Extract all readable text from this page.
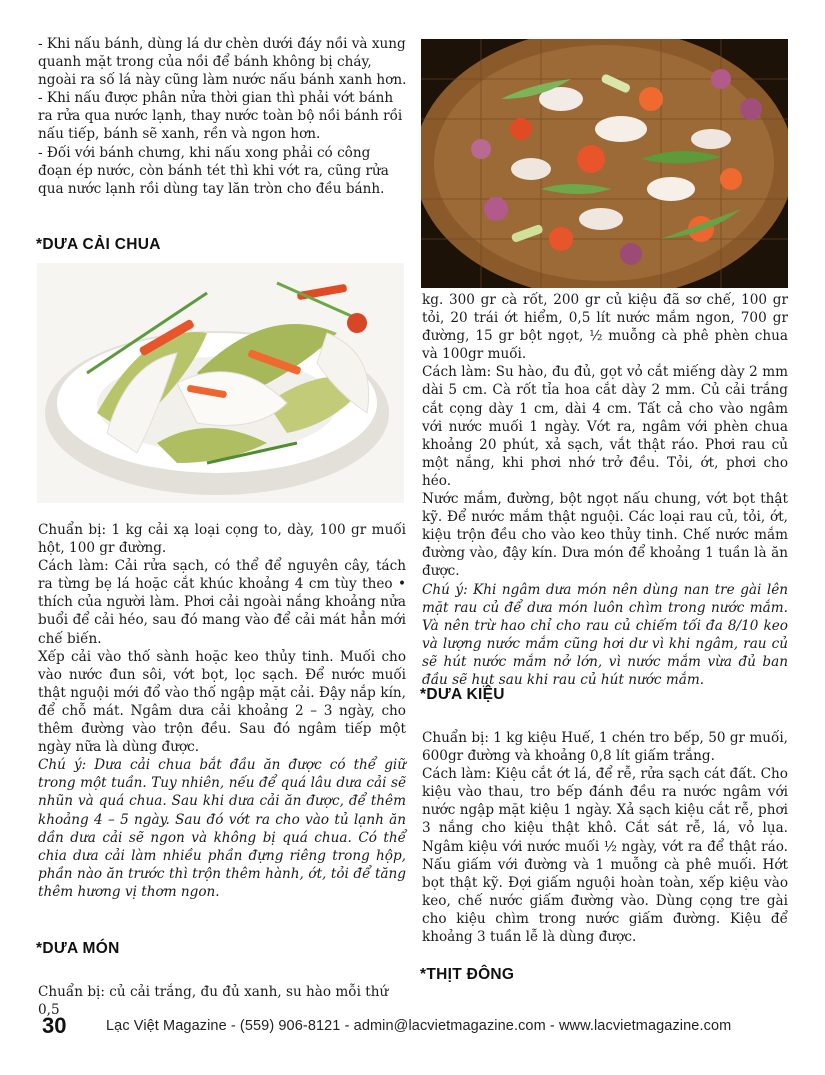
- Khi nấu bánh, dùng lá dư chèn dưới đáy nồi và xung quanh mặt trong của nồi để bánh không bị cháy, ngoài ra số lá này cũng làm nước nấu bánh xanh hơn.

- Khi nấu được phân nửa thời gian thì phải vớt bánh ra rửa qua nước lạnh, thay nước toàn bộ nồi bánh rồi nấu tiếp, bánh sẽ xanh, rền và ngon hơn.

- Đối với bánh chưng, khi nấu xong phải có công đoạn ép nước, còn bánh tét thì khi vớt ra, cũng rửa qua nước lạnh rồi dùng tay lăn tròn cho đều bánh.

*DƯA CẢI CHUA

Chuẩn bị: 1 kg cải xạ loại cọng to, dày, 100 gr muối hột, 100 gr đường.

Cách làm: Cải rửa sạch, có thể để nguyên cây, tách ra từng bẹ lá hoặc cắt khúc khoảng 4 cm tùy theo • thích của người làm. Phơi cải ngoài nắng khoảng nửa buổi để cải héo, sau đó mang vào để cải mát hẳn mới chế biến.

Xếp cải vào thố sành hoặc keo thủy tinh. Muối cho vào nước đun sôi, vớt bọt, lọc sạch. Để nước muối thật nguội mới đổ vào thố ngập mặt cải. Đậy nắp kín, để chỗ mát. Ngâm dưa cải khoảng 2 – 3 ngày, cho thêm đường vào trộn đều. Sau đó ngâm tiếp một ngày nữa là dùng được.

Chú ý: Dưa cải chua bắt đầu ăn được có thể giữ trong một tuần. Tuy nhiên, nếu để quá lâu dưa cải sẽ nhũn và quá chua. Sau khi dưa cải ăn được, để thêm khoảng 4 – 5 ngày. Sau đó vớt ra cho vào tủ lạnh ăn dần dưa cải sẽ ngon và không bị quá chua. Có thể chia dưa cải làm nhiều phần đựng riêng trong hộp, phần nào ăn trước thì trộn thêm hành, ớt, tỏi để tăng thêm hương vị thơm ngon.

*DƯA MÓN

Chuẩn bị: củ cải trắng, đu đủ xanh, su hào mỗi thứ 0,5

kg. 300 gr cà rốt, 200 gr củ kiệu đã sơ chế, 100 gr tỏi, 20 trái ớt hiểm, 0,5 lít nước mắm ngon, 700 gr đường, 15 gr bột ngọt, ½ muỗng cà phê phèn chua và 100gr muối.

Cách làm: Su hào, đu đủ, gọt vỏ cắt miếng dày 2 mm dài 5 cm. Cà rốt tỉa hoa cắt dày 2 mm. Củ cải trắng cắt cọng dày 1 cm, dài 4 cm. Tất cả cho vào ngâm với nước muối 1 ngày. Vớt ra, ngâm với phèn chua khoảng 20 phút, xả sạch, vắt thật ráo. Phơi rau củ một nắng, khi phơi nhớ trở đều. Tỏi, ớt, phơi cho héo.

Nước mắm, đường, bột ngọt nấu chung, vớt bọt thật kỹ. Để nước mắm thật nguội. Các loại rau củ, tỏi, ớt, kiệu trộn đều cho vào keo thủy tinh. Chế nước mắm đường vào, đậy kín. Dưa món để khoảng 1 tuần là ăn được.

Chú ý: Khi ngâm dưa món nên dùng nan tre gài lên mặt rau củ để dưa món luôn chìm trong nước mắm. Và nên trừ hao chỉ cho rau củ chiếm tối đa 8/10 keo và lượng nước mắm cũng hơi dư vì khi ngâm, rau củ sẽ hút nước mắm nở lớn, vì nước mắm vừa đủ ban đầu sẽ hụt sau khi rau củ hút nước mắm.

*DƯA KIỆU

Chuẩn bị: 1 kg kiệu Huế, 1 chén tro bếp, 50 gr muối, 600gr đường và khoảng 0,8 lít giấm trắng.

Cách làm: Kiệu cắt ớt lá, để rễ, rửa sạch cát đất. Cho kiệu vào thau, tro bếp đánh đều ra nước ngâm với nước ngập mặt kiệu 1 ngày. Xả sạch kiệu cắt rễ, phơi 3 nắng cho kiệu thật khô. Cắt sát rễ, lá, vỏ lụa. Ngâm kiệu với nước muối ½ ngày, vớt ra để thật ráo. Nấu giấm với đường và 1 muỗng cà phê muối. Hớt bọt thật kỹ. Đợi giấm nguội hoàn toàn, xếp kiệu vào keo, chế nước giấm đường vào. Dùng cọng tre gài cho kiệu chìm trong nước giấm đường. Kiệu để khoảng 3 tuần lễ là dùng được.

*THỊT ĐÔNG
30	Lạc Việt Magazine - (559) 906-8121 - admin@lacvietmagazine.com - www.lacvietmagazine.com
